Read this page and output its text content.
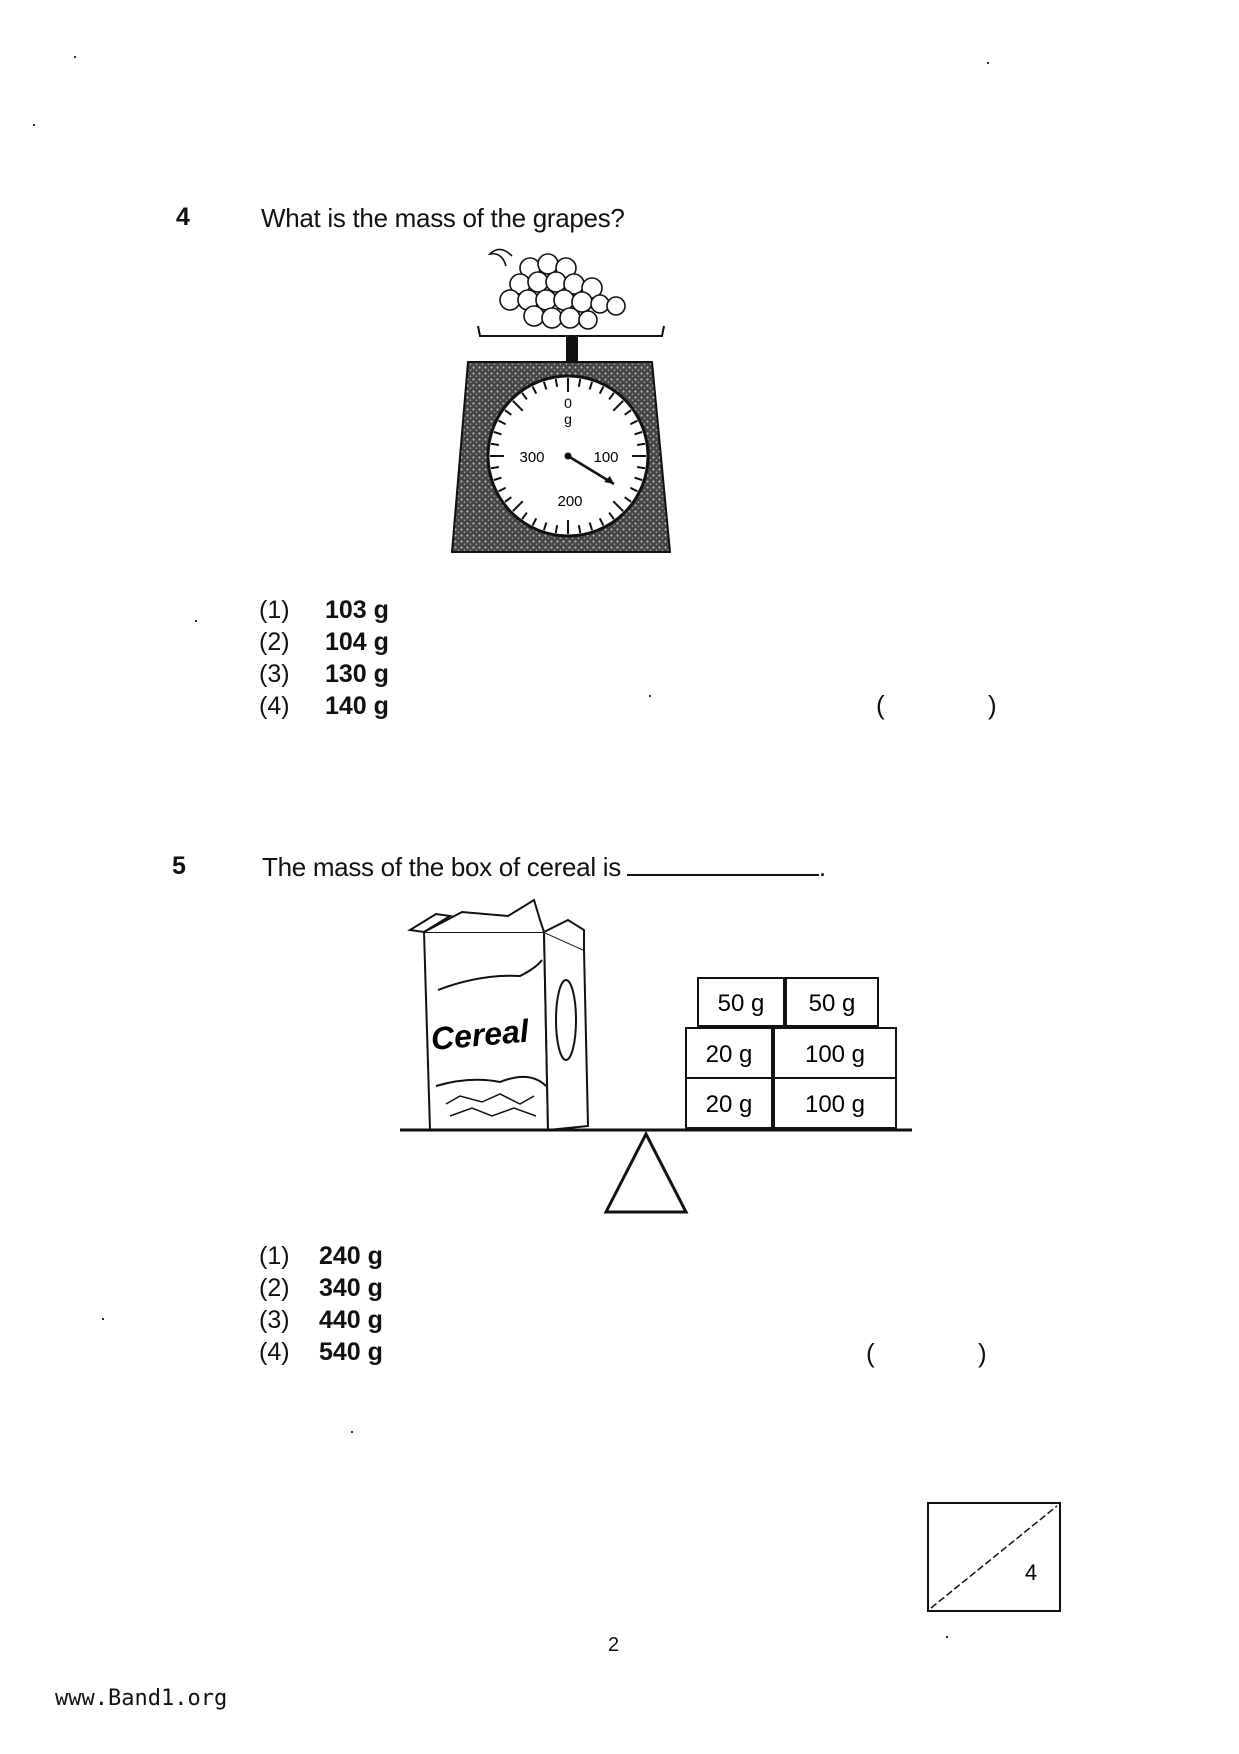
4	What is the mass of the grapes?
0
g
100
200
300
(1) 103 g
(2) 104 g
(3) 130 g
(4) 140 g	(	)
5	The mass of the box of cereal is	.
Cereal
50 g 50 g
20 g 100 g
20 g 100 g
(1) 240 g
(2) 340 g
(3) 440 g
(4) 540 g	(	)
4
2
www.Band1.org
